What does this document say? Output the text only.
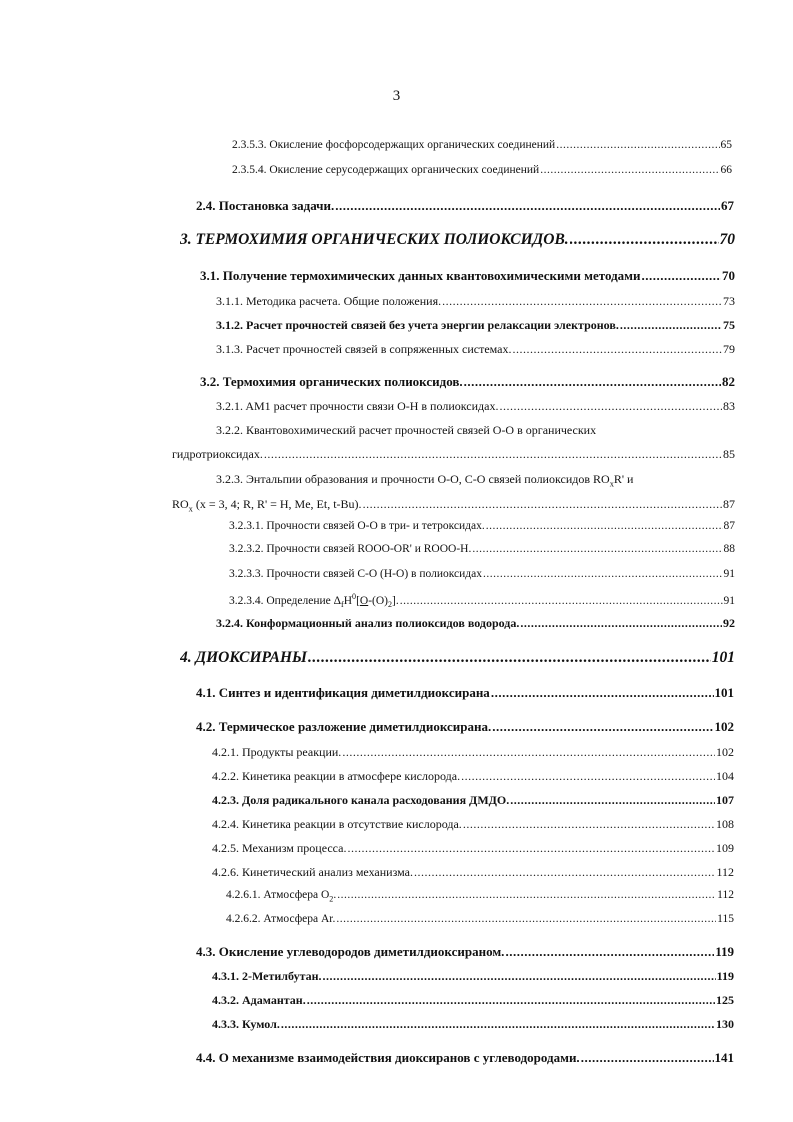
3
2.3.5.3. Окисление фосфорсодержащих органических соединений .....	65
2.3.5.4. Окисление серусодержащих органических соединений .....	66
2.4. Постановка задачи. .....	67
3. ТЕРМОХИМИЯ ОРГАНИЧЕСКИХ ПОЛИОКСИДОВ. .....	70
3.1. Получение термохимических данных квантовохимическими методами .....	70
3.1.1. Методика расчета. Общие положения. .....	73
3.1.2. Расчет прочностей связей без учета энергии релаксации электронов. .....	75
3.1.3. Расчет прочностей связей в сопряженных системах. .....	79
3.2. Термохимия органических полиоксидов. .....	82
3.2.1. AM1 расчет прочности связи О-Н в полиоксидах. .....	83
3.2.2. Квантовохимический расчет прочностей связей О-О в органических
гидротриоксидах. .....	85
3.2.3. Энтальпии образования и прочности О-О, С-О связей полиоксидов $RO_xR'$ и
$RO_x$ (x = 3, 4; R, R' = H, Me, Et, t-Bu). .....	87
3.2.3.1. Прочности связей О-О в три- и тетроксидах. .....	87
3.2.3.2. Прочности связей ROOO-OR' и ROOO-H. .....	88
3.2.3.3. Прочности связей С-О (Н-О) в полиоксидах .....	91
3.2.3.4. Определение $\Delta_fH^0[O-(O)_2]$. .....	91
3.2.4. Конформационный анализ полиоксидов водорода. .....	92
4. ДИОКСИРАНЫ .....	101
4.1. Синтез и идентификация диметилдиоксирана .....	101
4.2. Термическое разложение диметилдиоксирана. .....	102
4.2.1. Продукты реакции. .....	102
4.2.2. Кинетика реакции в атмосфере кислорода. .....	104
4.2.3. Доля радикального канала расходования ДМДО. .....	107
4.2.4. Кинетика реакции в отсутствие кислорода. .....	108
4.2.5. Механизм процесса. .....	109
4.2.6. Кинетический анализ механизма. .....	112
4.2.6.1. Атмосфера $O_2$. .....	112
4.2.6.2. Атмосфера Ar. .....	115
4.3. Окисление углеводородов диметилдиоксираном. .....	119
4.3.1. 2-Метилбутан. .....	119
4.3.2. Адамантан. .....	125
4.3.3. Кумол. .....	130
4.4. О механизме взаимодействия диоксиранов с углеводородами. .....	141
